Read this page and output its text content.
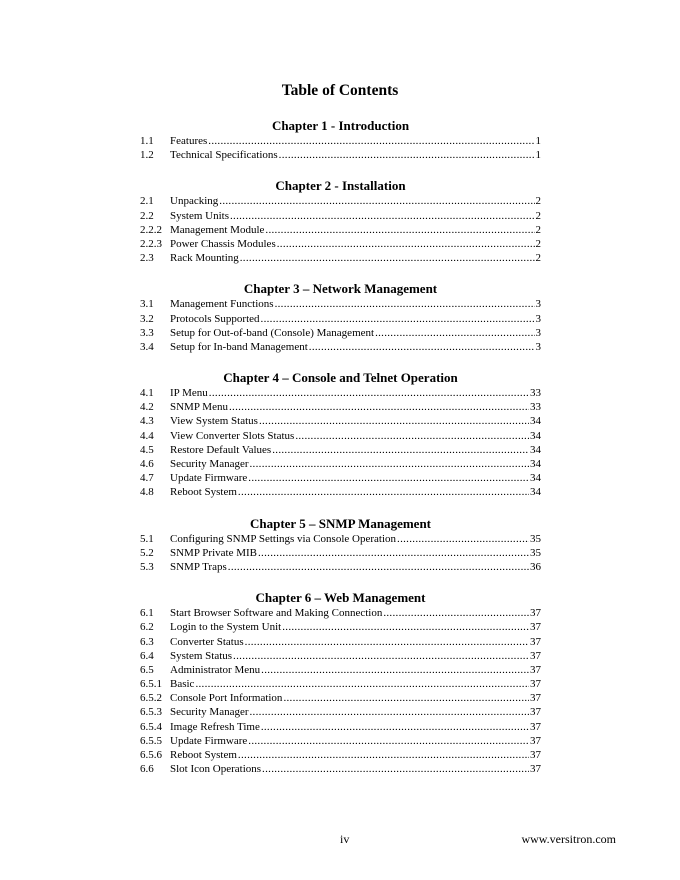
Table of Contents
Chapter 1 - Introduction
1.1	Features .....	1
1.2	Technical Specifications .....	1
Chapter 2 - Installation
2.1	Unpacking .....	2
2.2	System Units .....	2
2.2.2 Management Module .....	2
2.2.3 Power Chassis Modules .....	2
2.3	Rack Mounting .....	2
Chapter 3 – Network Management
3.1	Management Functions .....	3
3.2	Protocols Supported .....	3
3.3	Setup for Out-of-band (Console) Management .....	3
3.4	Setup for In-band Management .....	3
Chapter 4 – Console and Telnet Operation
4.1	IP Menu .....	33
4.2	SNMP Menu .....	33
4.3	View System Status .....	34
4.4	View Converter Slots Status .....	34
4.5	Restore Default Values .....	34
4.6	Security Manager .....	34
4.7	Update Firmware .....	34
4.8	Reboot System .....	34
Chapter 5 – SNMP Management
5.1	Configuring SNMP Settings via Console Operation .....	35
5.2	SNMP Private MIB .....	35
5.3	SNMP Traps .....	36
Chapter 6 – Web Management
6.1	Start Browser Software and Making Connection .....	37
6.2	Login to the System Unit .....	37
6.3	Converter Status .....	37
6.4	System Status .....	37
6.5	Administrator Menu .....	37
6.5.1 Basic .....	37
6.5.2 Console Port Information .....	37
6.5.3 Security Manager .....	37
6.5.4 Image Refresh Time .....	37
6.5.5 Update Firmware .....	37
6.5.6 Reboot System .....	37
6.6	Slot Icon Operations .....	37
iv	www.versitron.com
